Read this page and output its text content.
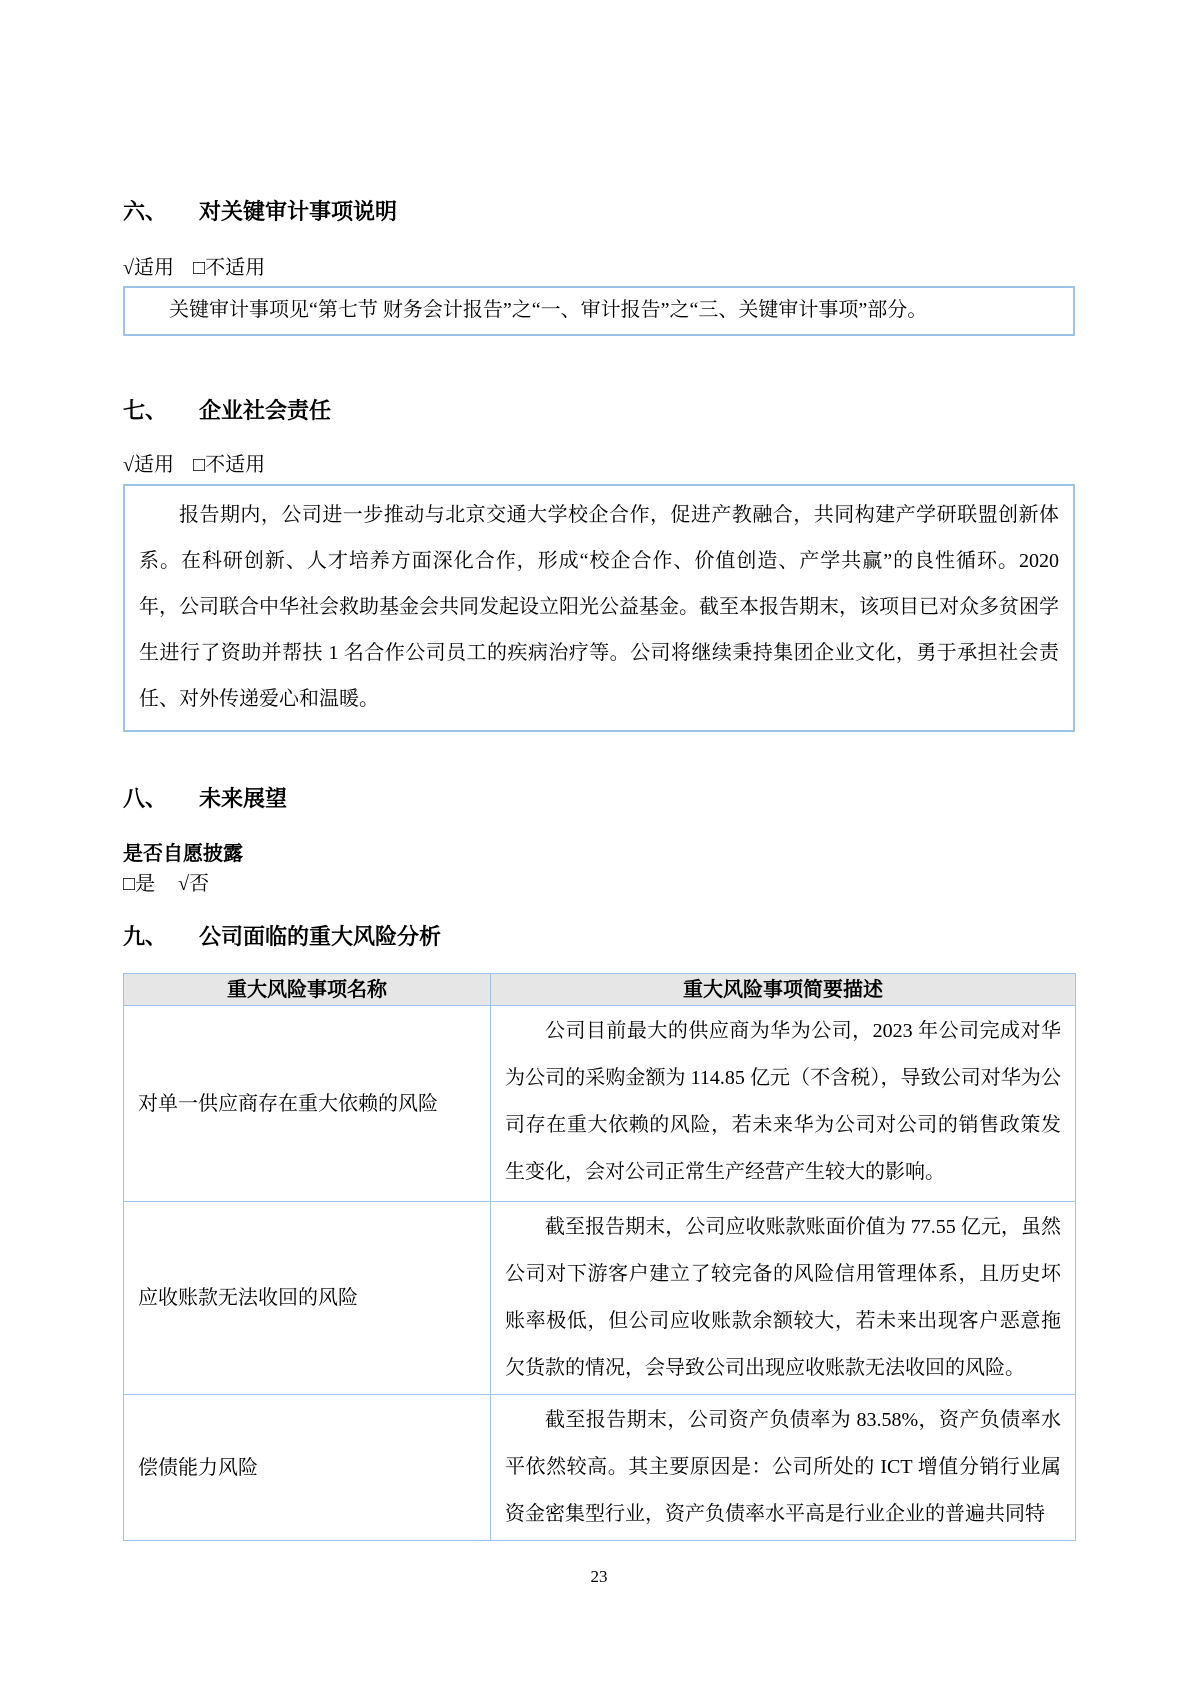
六、	对关键审计事项说明
√适用 □不适用
关键审计事项见“第七节 财务会计报告”之“一、审计报告”之“三、关键审计事项”部分。
七、	企业社会责任
√适用 □不适用
报告期内，公司进一步推动与北京交通大学校企合作，促进产教融合，共同构建产学研联盟创新体系。在科研创新、人才培养方面深化合作，形成“校企合作、价值创造、产学共赢”的良性循环。2020 年，公司联合中华社会救助基金会共同发起设立阳光公益基金。截至本报告期末，该项目已对众多贫困学生进行了资助并帮扶 1 名合作公司员工的疾病治疗等。公司将继续秉持集团企业文化，勇于承担社会责任、对外传递爱心和温暖。
八、	未来展望
是否自愿披露
□是 √否
九、	公司面临的重大风险分析
重大风险事项名称	重大风险事项简要描述
对单一供应商存在重大依赖的风险	公司目前最大的供应商为华为公司，2023 年公司完成对华为公司的采购金额为 114.85 亿元（不含税），导致公司对华为公司存在重大依赖的风险，若未来华为公司对公司的销售政策发生变化，会对公司正常生产经营产生较大的影响。

应收账款无法收回的风险	截至报告期末，公司应收账款账面价值为 77.55 亿元，虽然公司对下游客户建立了较完备的风险信用管理体系，且历史坏账率极低，但公司应收账款余额较大，若未来出现客户恶意拖欠货款的情况，会导致公司出现应收账款无法收回的风险。

偿债能力风险	截至报告期末，公司资产负债率为 83.58%，资产负债率水平依然较高。其主要原因是：公司所处的 ICT 增值分销行业属资金密集型行业，资产负债率水平高是行业企业的普遍共同特

23
